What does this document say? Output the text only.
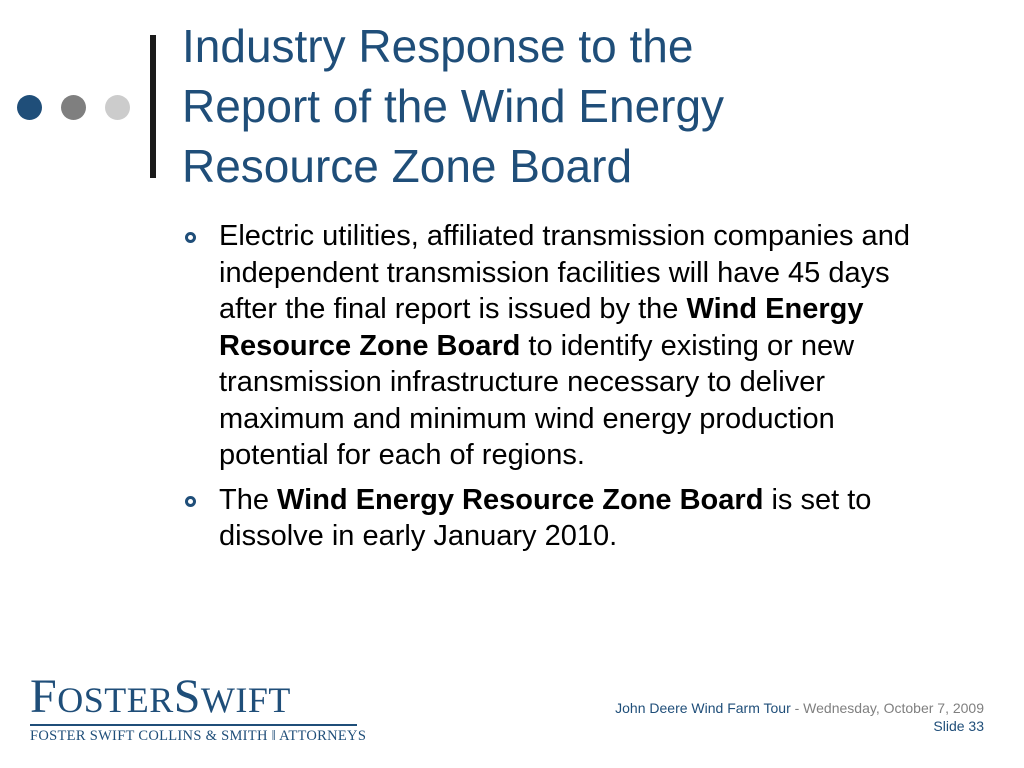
Industry Response to the
Report of the Wind Energy
Resource Zone Board
Electric utilities, affiliated transmission companies and independent transmission facilities will have 45 days after the final report is issued by the Wind Energy Resource Zone Board to identify existing or new transmission infrastructure necessary to deliver maximum and minimum wind energy production potential for each of regions.
The Wind Energy Resource Zone Board is set to dissolve in early January 2010.
FOSTERSWIFT
FOSTER SWIFT COLLINS & SMITH ‖ ATTORNEYS
John Deere Wind Farm Tour - Wednesday, October 7, 2009
Slide 33
